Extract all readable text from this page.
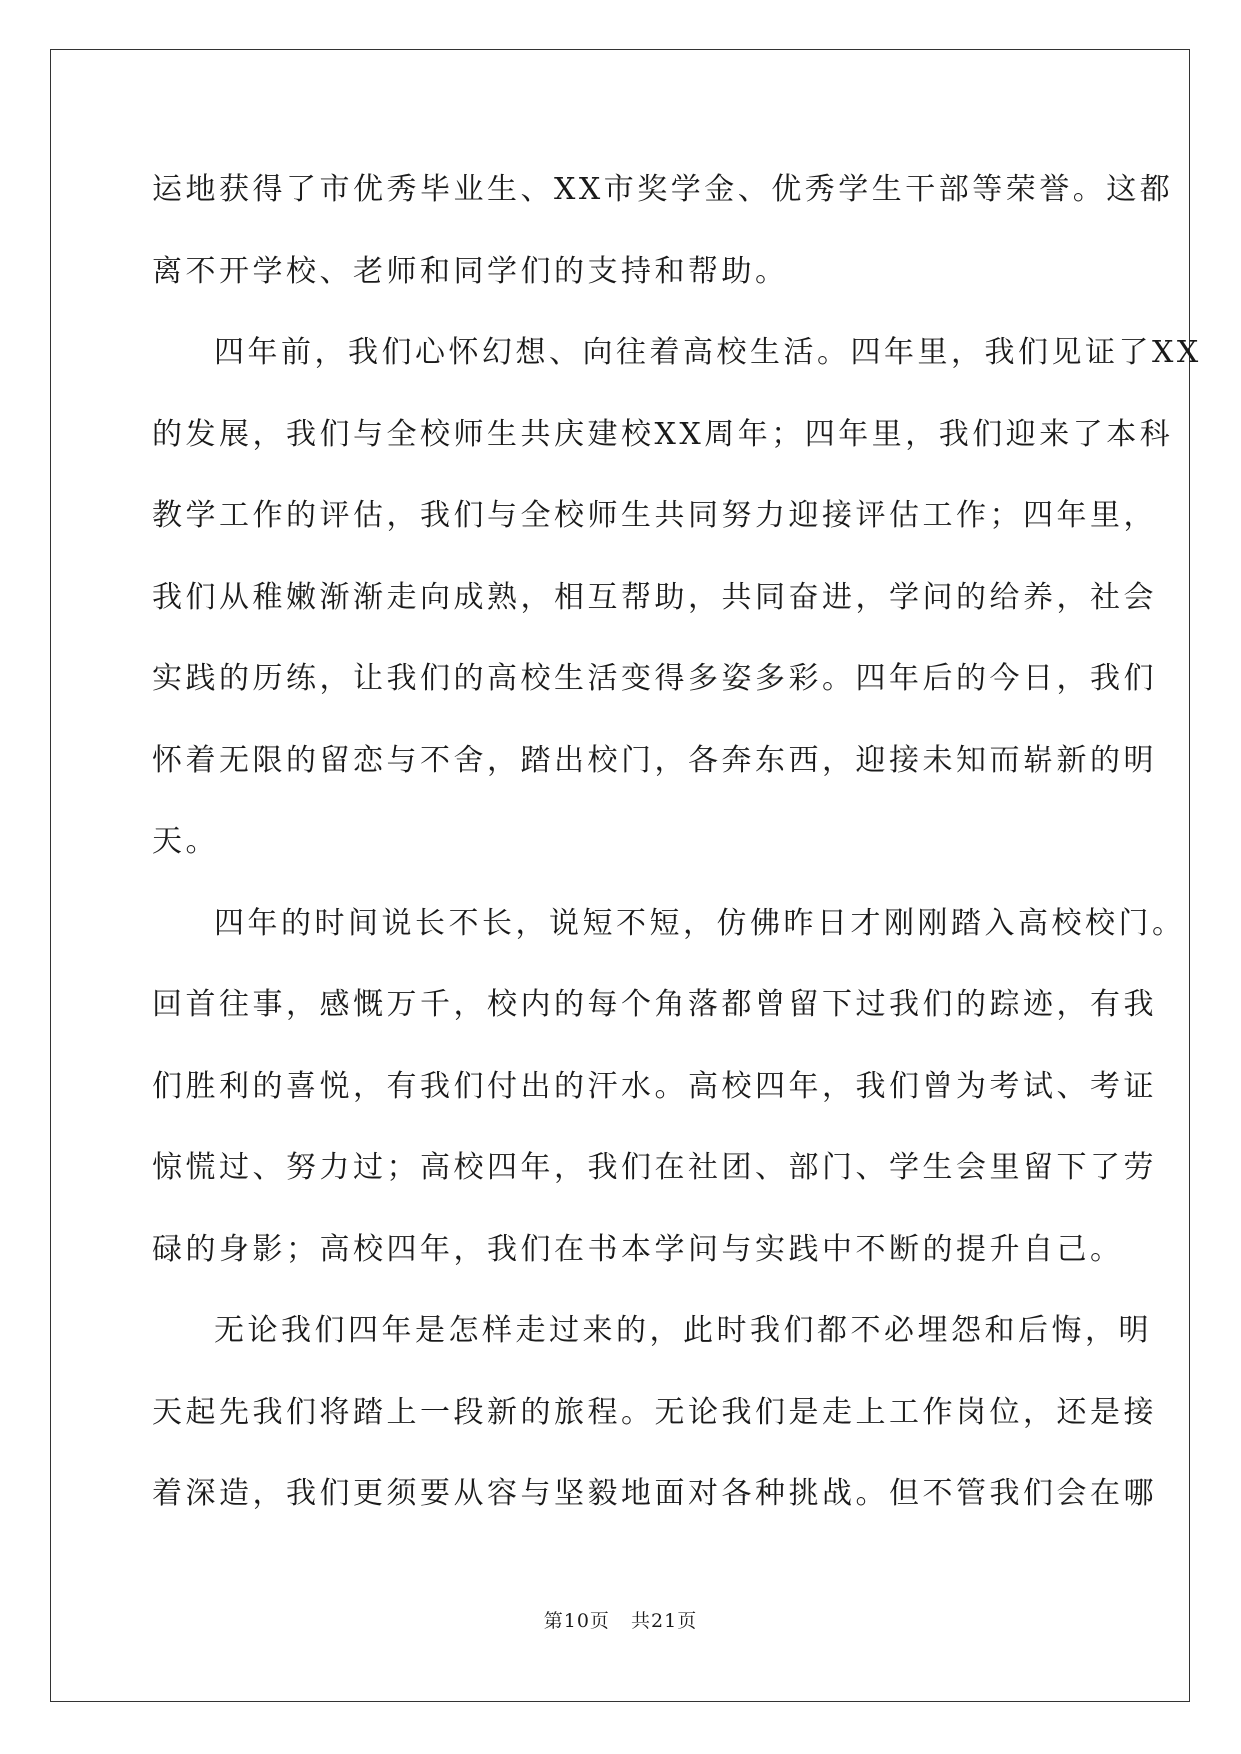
运地获得了市优秀毕业生、XX市奖学金、优秀学生干部等荣誉。这都
离不开学校、老师和同学们的支持和帮助。
四年前，我们心怀幻想、向往着高校生活。四年里，我们见证了XX
的发展，我们与全校师生共庆建校XX周年；四年里，我们迎来了本科
教学工作的评估，我们与全校师生共同努力迎接评估工作；四年里，
我们从稚嫩渐渐走向成熟，相互帮助，共同奋进，学问的给养，社会
实践的历练，让我们的高校生活变得多姿多彩。四年后的今日，我们
怀着无限的留恋与不舍，踏出校门，各奔东西，迎接未知而崭新的明
天。
四年的时间说长不长，说短不短，仿佛昨日才刚刚踏入高校校门。
回首往事，感慨万千，校内的每个角落都曾留下过我们的踪迹，有我
们胜利的喜悦，有我们付出的汗水。高校四年，我们曾为考试、考证
惊慌过、努力过；高校四年，我们在社团、部门、学生会里留下了劳
碌的身影；高校四年，我们在书本学问与实践中不断的提升自己。
无论我们四年是怎样走过来的，此时我们都不必埋怨和后悔，明
天起先我们将踏上一段新的旅程。无论我们是走上工作岗位，还是接
着深造，我们更须要从容与坚毅地面对各种挑战。但不管我们会在哪
第10页   共21页
